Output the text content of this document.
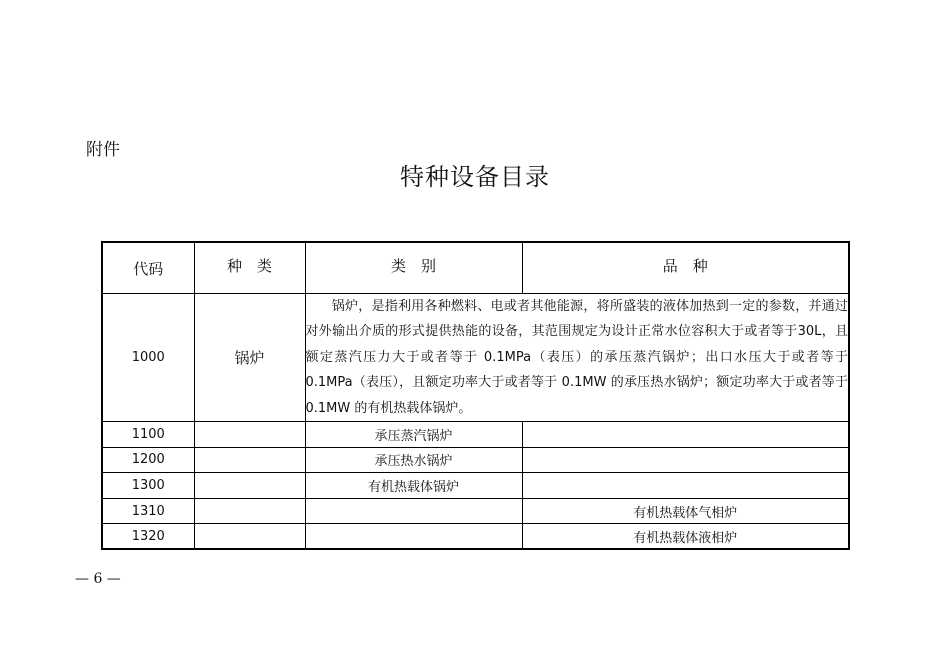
附件
特种设备目录
代码	种　类	类　别	品　种
1000	锅炉	锅炉，是指利用各种燃料、电或者其他能源，将所盛装的液体加热到一定的参数，并通过对外输出介质的形式提供热能的设备，其范围规定为设计正常水位容积大于或者等于30L，且额定蒸汽压力大于或者等于 0.1MPa（表压）的承压蒸汽锅炉；出口水压大于或者等于 0.1MPa（表压），且额定功率大于或者等于 0.1MW 的承压热水锅炉；额定功率大于或者等于 0.1MW 的有机热载体锅炉。	
1100		承压蒸汽锅炉	
1200		承压热水锅炉	
1300		有机热载体锅炉	
1310			有机热载体气相炉
1320			有机热载体液相炉
— 6 —
